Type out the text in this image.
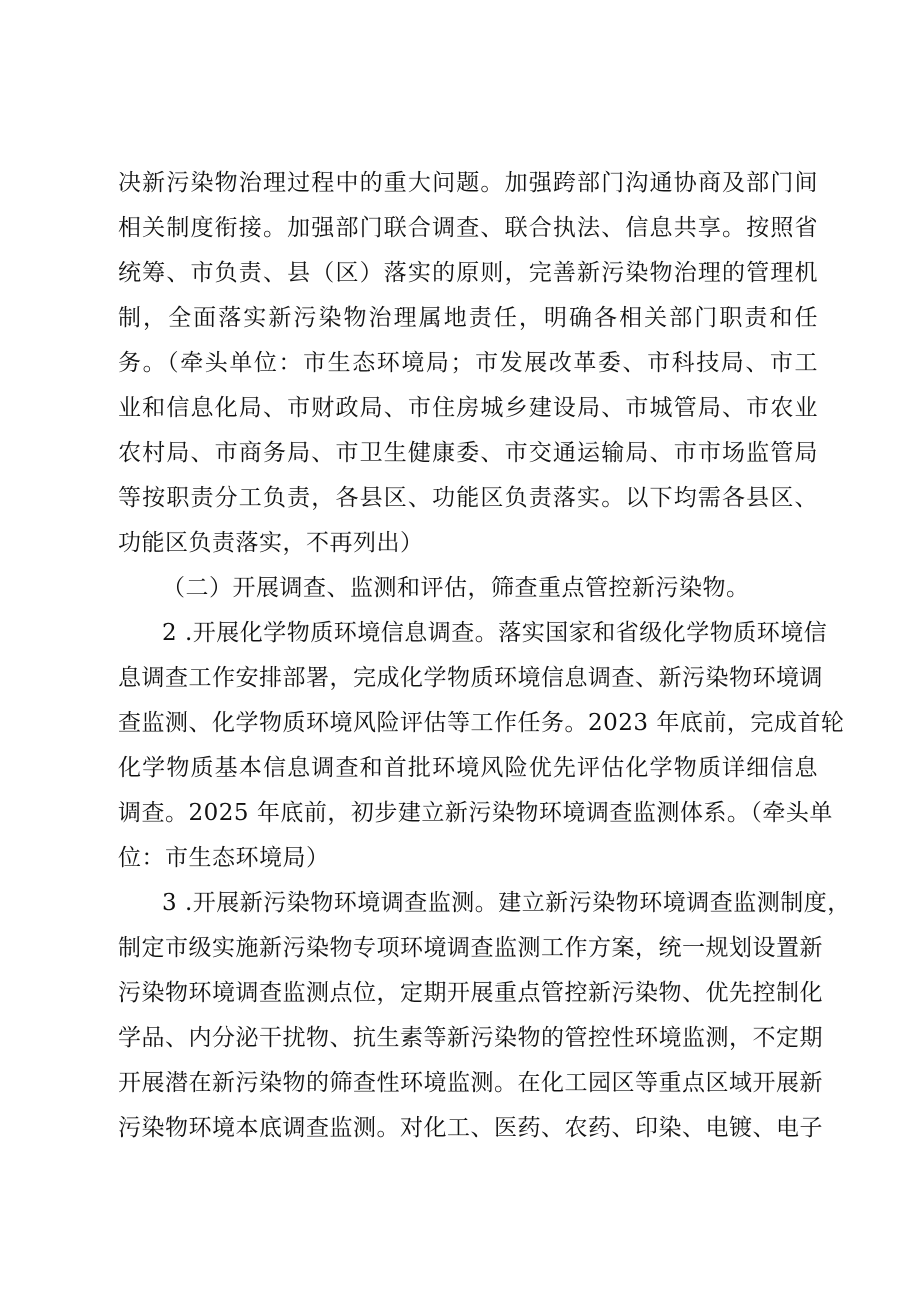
决新污染物治理过程中的重大问题。加强跨部门沟通协商及部门间
相关制度衔接。加强部门联合调查、联合执法、信息共享。按照省
统筹、市负责、县（区）落实的原则，完善新污染物治理的管理机
制，全面落实新污染物治理属地责任，明确各相关部门职责和任
务。（牵头单位：市生态环境局；市发展改革委、市科技局、市工
业和信息化局、市财政局、市住房城乡建设局、市城管局、市农业
农村局、市商务局、市卫生健康委、市交通运输局、市市场监管局
等按职责分工负责，各县区、功能区负责落实。以下均需各县区、
功能区负责落实，不再列出）
（二）开展调查、监测和评估，筛查重点管控新污染物。
2 .开展化学物质环境信息调查。落实国家和省级化学物质环境信
息调查工作安排部署，完成化学物质环境信息调查、新污染物环境调
查监测、化学物质环境风险评估等工作任务。2023 年底前，完成首轮
化学物质基本信息调查和首批环境风险优先评估化学物质详细信息
调查。2025 年底前，初步建立新污染物环境调查监测体系。（牵头单
位：市生态环境局）
3 .开展新污染物环境调查监测。建立新污染物环境调查监测制度，
制定市级实施新污染物专项环境调查监测工作方案，统一规划设置新
污染物环境调查监测点位，定期开展重点管控新污染物、优先控制化
学品、内分泌干扰物、抗生素等新污染物的管控性环境监测，不定期
开展潜在新污染物的筛查性环境监测。在化工园区等重点区域开展新
污染物环境本底调查监测。对化工、医药、农药、印染、电镀、电子
